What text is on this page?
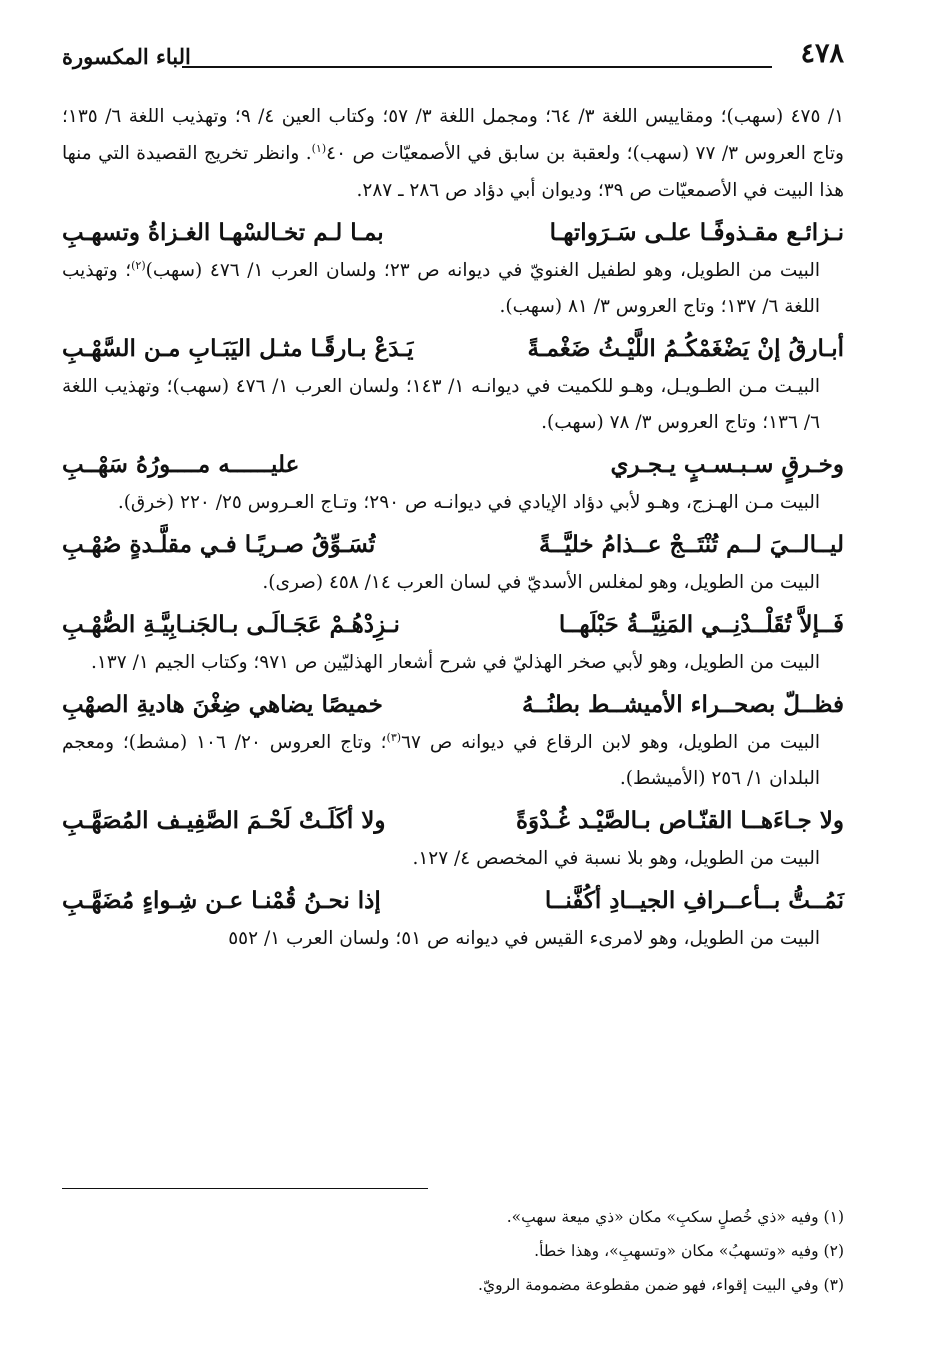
٤٧٨
الباء المكسورة

١/ ٤٧٥ (سهب)؛ ومقاييس اللغة ٣/ ٦٤؛ ومجمل اللغة ٣/ ٥٧؛ وكتاب العين ٤/ ٩؛ وتهذيب اللغة ٦/ ١٣٥؛ وتاج العروس ٣/ ٧٧ (سهب)؛ ولعقبة بن سابق في الأصمعيّات ص ٤٠$^{(١)}$. وانظر تخريج القصيدة التي منها هذا البيت في الأصمعيّات ص ٣٩؛ وديوان أبي دؤاد ص ٢٨٦ ـ ٢٨٧.

نـزائـع مقـذوفًـا علـى سَـرَواتهـا
بمـا لـم تخـالسْهـا الغـزاةُ وتسهـبِ

البيت من الطويل، وهو لطفيل الغنويّ في ديوانه ص ٢٣؛ ولسان العرب ١/ ٤٧٦ (سهب)$^{(٢)}$؛ وتهذيب اللغة ٦/ ١٣٧؛ وتاج العروس ٣/ ٨١ (سهب).

أبـارقُ إنْ يَضْغَمْكُـمُ اللَّيْـثُ ضَغْمـةً
يَـدَعْ بـارقًـا مثـل اليَبَـابِ مـن السَّهْـبِ

البيـت مـن الطـويـل، وهـو للكميت في ديوانـه ١/ ١٤٣؛ ولسان العرب ١/ ٤٧٦ (سهب)؛ وتهذيب اللغة ٦/ ١٣٦؛ وتاج العروس ٣/ ٧٨ (سهب).

وخـرقٍ سـبـسـبٍ يـجـري
عليــــــه مــــورُهُ سَهْــبِ

البيت مـن الهـزج، وهـو لأبي دؤاد الإيادي في ديوانـه ص ٢٩٠؛ وتـاج العـروس ٢٥/ ٢٢٠ (خرق).

ليــالــيَ لــم تُنْتَــجْ عــذامُ خليَّــةً
تُسَـوِّقُ صـريًـا فـي مقلَّـدةٍ صُهْـبِ

البيت من الطويل، وهو لمغلس الأسديّ في لسان العرب ١٤/ ٤٥٨ (صرى).

فَــإلاَّ تُقَلْــدْنِــي المَنِيَّــةُ حَبْلَهــا
نـزِدْهُـمْ عَجَـالَـى بـالجَنـابِيَّـةِ الصُّهْـبِ

البيت من الطويل، وهو لأبي صخر الهذليّ في شرح أشعار الهذليّين ص ٩٧١؛ وكتاب الجيم ١/ ١٣٧.

فظــلّ بصحــراء الأميشــط بطنُــهُ
خميصًا يضاهي ضِغْنَ هاديةِ الصهْبِ

البيت من الطويل، وهو لابن الرقاع في ديوانه ص ٦٧$^{(٣)}$؛ وتاج العروس ٢٠/ ١٠٦ (مشط)؛ ومعجم البلدان ١/ ٢٥٦ (الأميشط).

ولا جـاءَهــا القنّـاص بـالصَّيْـد غُـدْوَةً
ولا أكَلَـتْ لَحْـمَ الصَّفِيـف المُصَهَّـبِ

البيت من الطويل، وهو بلا نسبة في المخصص ٤/ ١٢٧.

نَمُــتُّ بــأعــرافِ الجيــادِ أكُفَّنــا
إذا نحـنُ قُمْنـا عـن شِـواءٍ مُضَهَّـبِ

البيت من الطويل، وهو لامرىء القيس في ديوانه ص ٥١؛ ولسان العرب ١/ ٥٥٢

(١) وفيه «ذي خُصلٍ سكبِ» مكان «ذي ميعة سهبِ».

(٢) وفيه «وتسهبُ» مكان «وتسهبِ»، وهذا خطأ.

(٣) وفي البيت إقواء، فهو ضمن مقطوعة مضمومة الرويّ.
